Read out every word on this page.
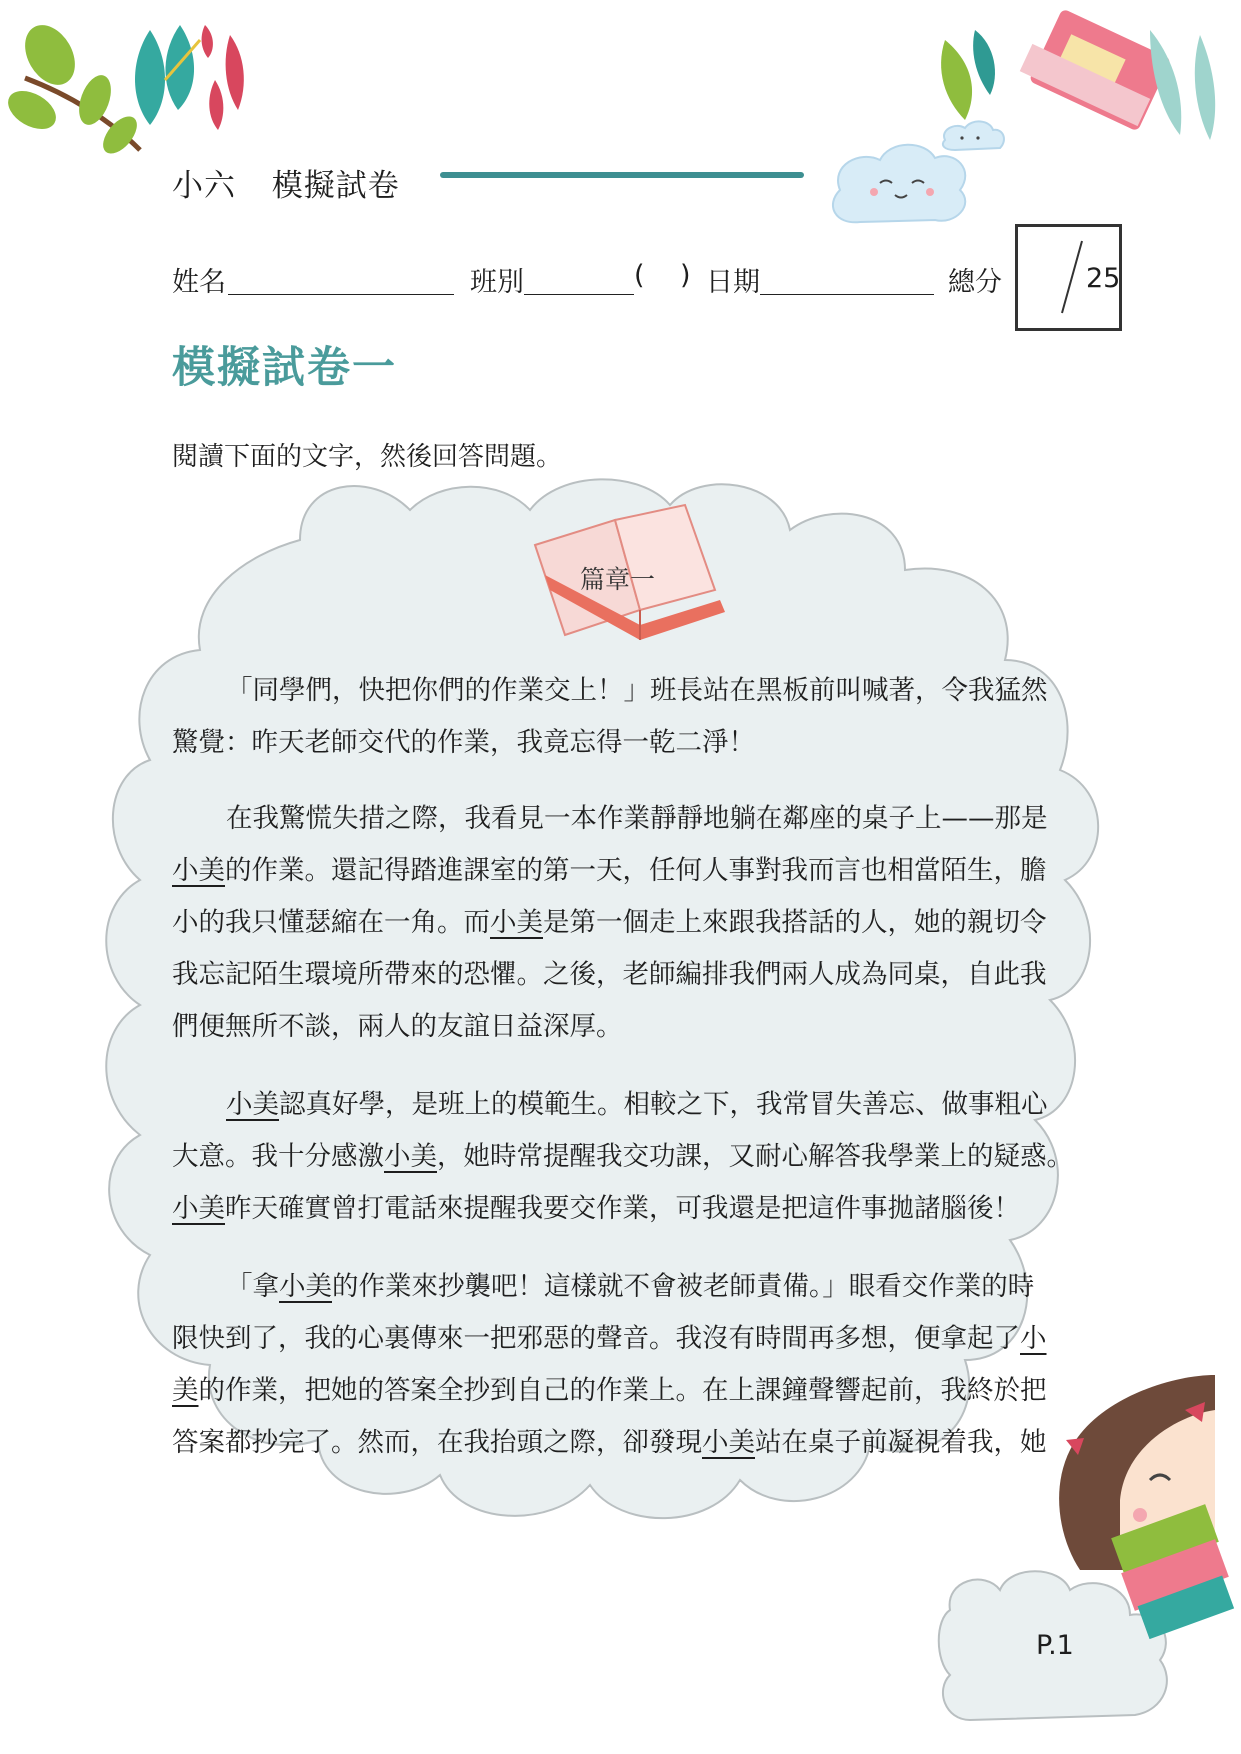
小六 模擬試卷
姓名	班別	( ) 日期	總分	25
模擬試卷一
閱讀下面的文字，然後回答問題。
篇章一
「同學們，快把你們的作業交上！」班長站在黑板前叫喊著，令我猛然
驚覺：昨天老師交代的作業，我竟忘得一乾二淨！
在我驚慌失措之際，我看見一本作業靜靜地躺在鄰座的桌子上——那是
小美的作業。還記得踏進課室的第一天，任何人事對我而言也相當陌生，膽
小的我只懂瑟縮在一角。而小美是第一個走上來跟我搭話的人，她的親切令
我忘記陌生環境所帶來的恐懼。之後，老師編排我們兩人成為同桌，自此我
們便無所不談，兩人的友誼日益深厚。
小美認真好學，是班上的模範生。相較之下，我常冒失善忘、做事粗心
大意。我十分感激小美，她時常提醒我交功課，又耐心解答我學業上的疑惑。
小美昨天確實曾打電話來提醒我要交作業，可我還是把這件事拋諸腦後！
「拿小美的作業來抄襲吧！這樣就不會被老師責備。」眼看交作業的時
限快到了，我的心裏傳來一把邪惡的聲音。我沒有時間再多想，便拿起了小
美的作業，把她的答案全抄到自己的作業上。在上課鐘聲響起前，我終於把
答案都抄完了。然而，在我抬頭之際，卻發現小美站在桌子前凝視着我，她
P.1
